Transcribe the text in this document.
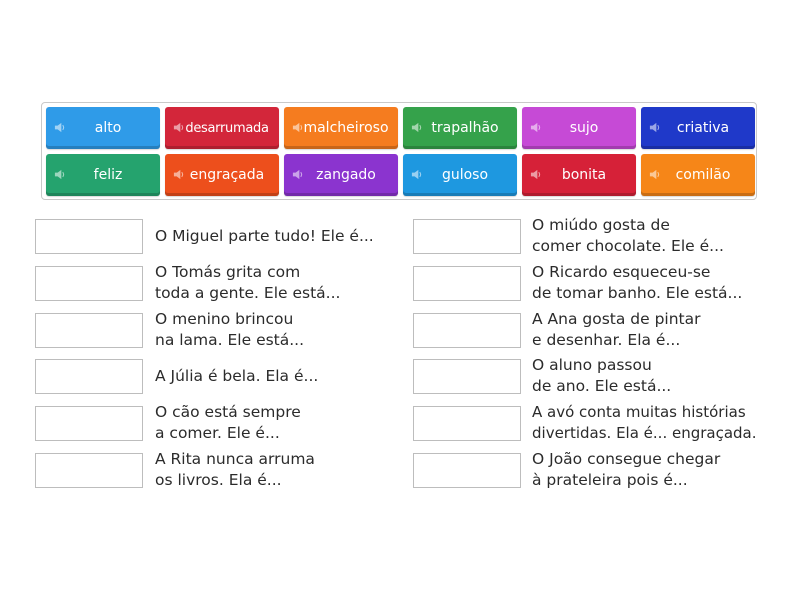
alto	desarrumada	malcheiroso	trapalhão	sujo	criativa
feliz	engraçada	zangado	guloso	bonita	comilão
O Miguel parte tudo! Ele é...
O Tomás grita com
toda a gente. Ele está...
O menino brincou
na lama. Ele está...
A Júlia é bela. Ela é...
O cão está sempre
a comer. Ele é...
A Rita nunca arruma
os livros. Ela é...
O miúdo gosta de
comer chocolate. Ele é...
O Ricardo esqueceu-se
de tomar banho. Ele está...
A Ana gosta de pintar
e desenhar. Ela é...
O aluno passou
de ano. Ele está...
A avó conta muitas histórias
divertidas. Ela é... engraçada.
O João consegue chegar
à prateleira pois é...
